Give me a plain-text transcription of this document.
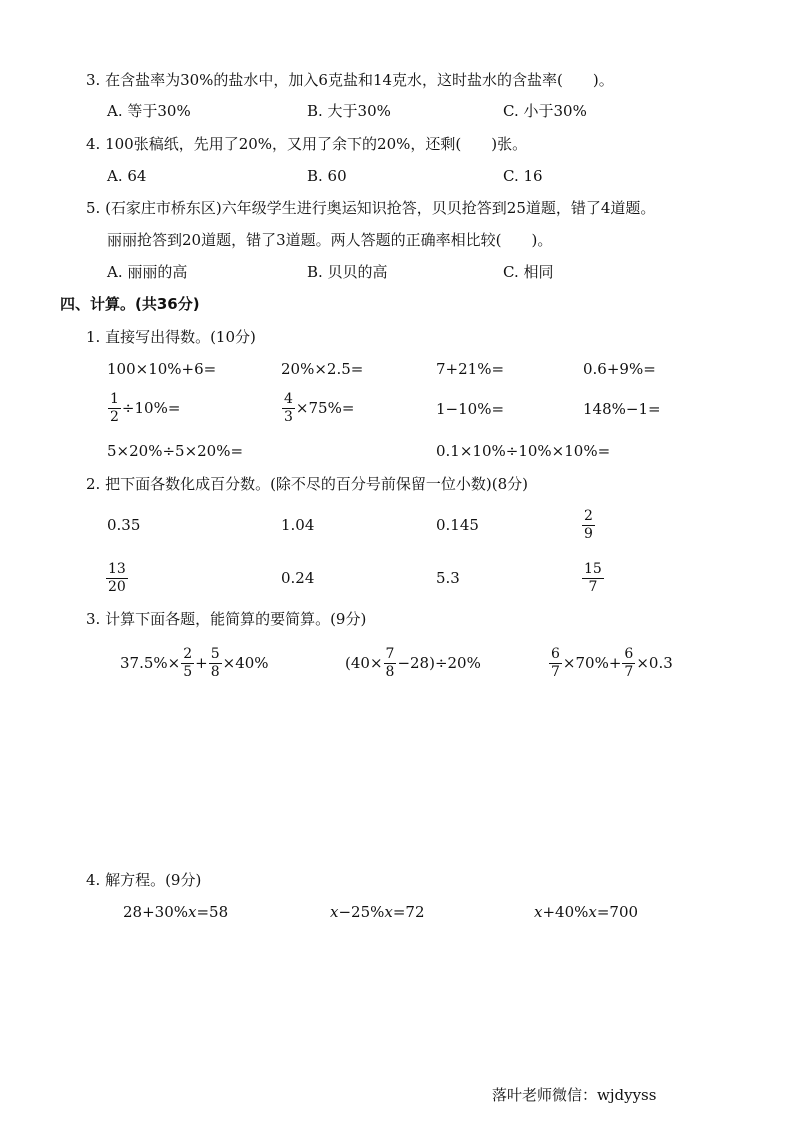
3. 在含盐率为30%的盐水中，加入6克盐和14克水，这时盐水的含盐率(　　)。
A. 等于30%	B. 大于30%	C. 小于30%
4. 100张稿纸，先用了20%，又用了余下的20%，还剩(　　)张。
A. 64	B. 60	C. 16
5. (石家庄市桥东区)六年级学生进行奥运知识抢答，贝贝抢答到25道题，错了4道题。
丽丽抢答到20道题，错了3道题。两人答题的正确率相比较(　　)。
A. 丽丽的高	B. 贝贝的高	C. 相同
四、计算。(共36分)
1. 直接写出得数。(10分)
100×10%+6=	20%×2.5=	7+21%=	0.6+9%=
$\frac{1}{2} \div 10\%=$	$\frac{4}{3} \times 75\%=$	1−10%=	148%−1=
5×20%÷5×20%=	0.1×10%÷10%×10%=
2. 把下面各数化成百分数。(除不尽的百分号前保留一位小数)(8分)
0.35	1.04	0.145	$\frac{2}{9}$
$\frac{13}{20}$	0.24	5.3	$\frac{15}{7}$
3. 计算下面各题，能简算的要简算。(9分)
$37.5\%\times \frac{2}{5} + \frac{5}{8} \times 40\%$	$(40\times \frac{7}{8} -28)\div 20\%$	$\frac{6}{7} \times 70\%+ \frac{6}{7} \times 0.3$
4. 解方程。(9分)
28+30%x=58	x−25%x=72	x+40%x=700
落叶老师微信：wjdyyss
